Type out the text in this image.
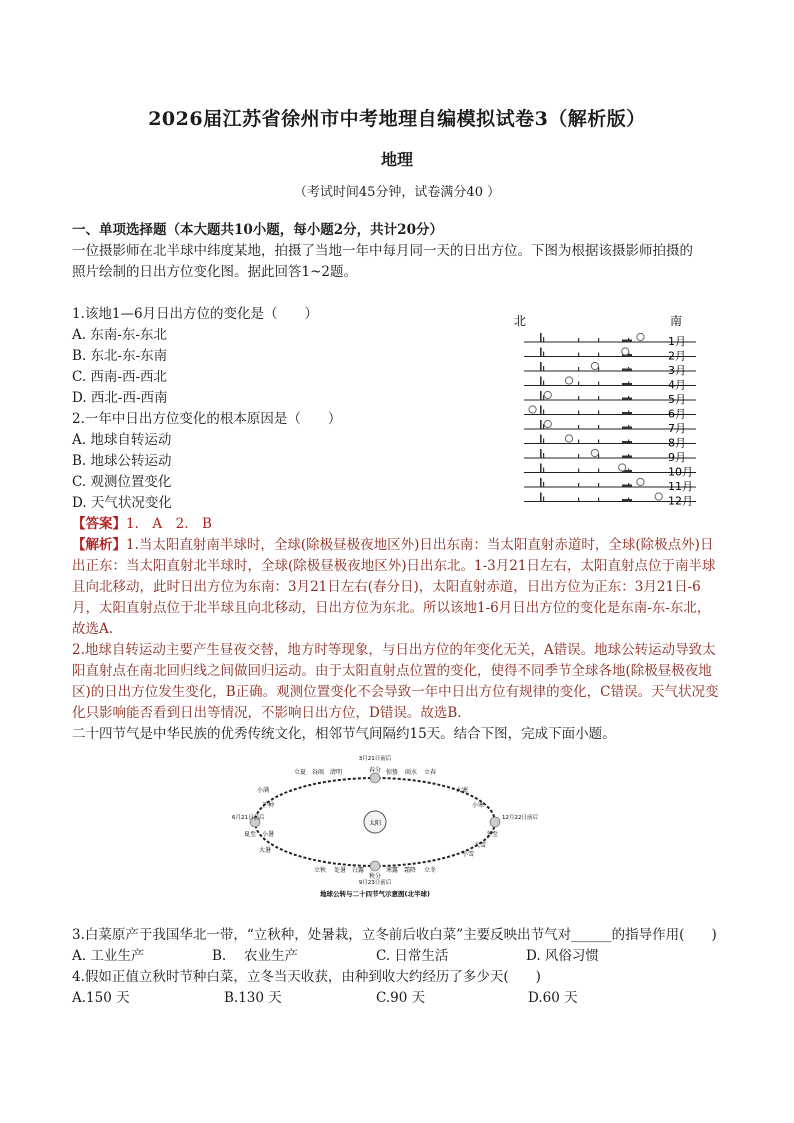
2026届江苏省徐州市中考地理自编模拟试卷3（解析版）
地理
（考试时间45分钟，试卷满分40 ）
一、单项选择题（本大题共10小题，每小题2分，共计20分）
一位摄影师在北半球中纬度某地，拍摄了当地一年中每月同一天的日出方位。下图为根据该摄影师拍摄的
照片绘制的日出方位变化图。据此回答1~2题。
1.该地1—6月日出方位的变化是（　　）
A. 东南-东-东北
B. 东北-东-东南
C. 西南-西-西北
D. 西北-西-西南
2.一年中日出方位变化的根本原因是（　　）
A. 地球自转运动
B. 地球公转运动
C. 观测位置变化
D. 天气状况变化
北	南
1月
2月
3月
4月
5月
6月
7月
8月
9月
10月
11月
12月
【答案】1.　A　2.　B
【解析】1.当太阳直射南半球时，全球(除极昼极夜地区外)日出东南：当太阳直射赤道时，全球(除极点外)日出正东：当太阳直射北半球时，全球(除极昼极夜地区外)日出东北。1-3月21日左右，太阳直射点位于南半球且向北移动，此时日出方位为东南：3月21日左右(春分日)，太阳直射赤道，日出方位为正东：3月21日-6月，太阳直射点位于北半球且向北移动，日出方位为东北。所以该地1-6月日出方位的变化是东南-东-东北，故选A.
2.地球自转运动主要产生昼夜交替，地方时等现象，与日出方位的年变化无关，A错误。地球公转运动导致太阳直射点在南北回归线之间做回归运动。由于太阳直射点位置的变化，使得不同季节全球各地(除极昼极夜地区)的日出方位发生变化，B正确。观测位置变化不会导致一年中日出方位有规律的变化，C错误。天气状况变化只影响能否看到日出等情况，不影响日出方位，D错误。故选B.
二十四节气是中华民族的优秀传统文化，相邻节气间隔约15天。结合下图，完成下面小题。
太阳
3月21日前后
6月21日前后	12月22日前后
9月23日前后
立夏 谷雨 清明	春分 惊蛰 雨水 立春
立秋 处暑 白露
秋分
寒露 霜降 立冬
小满
芒种
夏至 小暑
大暑
大寒
小寒
冬至
大雪
小雪
地球公转与二十四节气示意图(北半球)
3.白菜原产于我国华北一带，“立秋种，处暑栽，立冬前后收白菜”主要反映出节气对______的指导作用(　　)
A. 工业生产	B.　 农业生产	C. 日常生活	D. 风俗习惯
4.假如正值立秋时节种白菜，立冬当天收获，由种到收大约经历了多少天(　　)
A.150 天	B.130 天	C.90 天	D.60 天
